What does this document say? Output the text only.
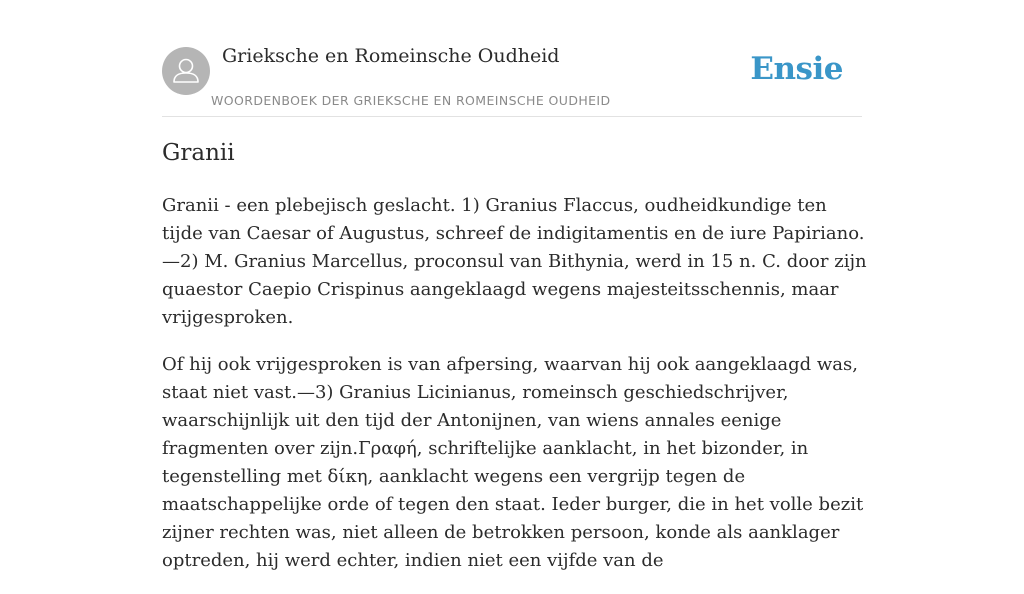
Grieksche en Romeinsche Oudheid
WOORDENBOEK DER GRIEKSCHE EN ROMEINSCHE OUDHEID
Ensie
Granii

Granii - een plebejisch geslacht. 1) Granius Flaccus, oudheidkundige ten tijde van Caesar of Augustus, schreef de indigitamentis en de iure Papiriano.—2) M. Granius Marcellus, proconsul van Bithynia, werd in 15 n. C. door zijn quaestor Caepio Crispinus aangeklaagd wegens majesteitsschennis, maar vrijgesproken.

Of hij ook vrijgesproken is van afpersing, waarvan hij ook aangeklaagd was, staat niet vast.—3) Granius Licinianus, romeinsch geschiedschrijver, waarschijnlijk uit den tijd der Antonijnen, van wiens annales eenige fragmenten over zijn.Γραφή, schriftelijke aanklacht, in het bizonder, in tegenstelling met δίκη, aanklacht wegens een vergrijp tegen de maatschappelijke orde of tegen den staat. Ieder burger, die in het volle bezit zijner rechten was, niet alleen de betrokken persoon, konde als aanklager optreden, hij werd echter, indien niet een vijfde van de
